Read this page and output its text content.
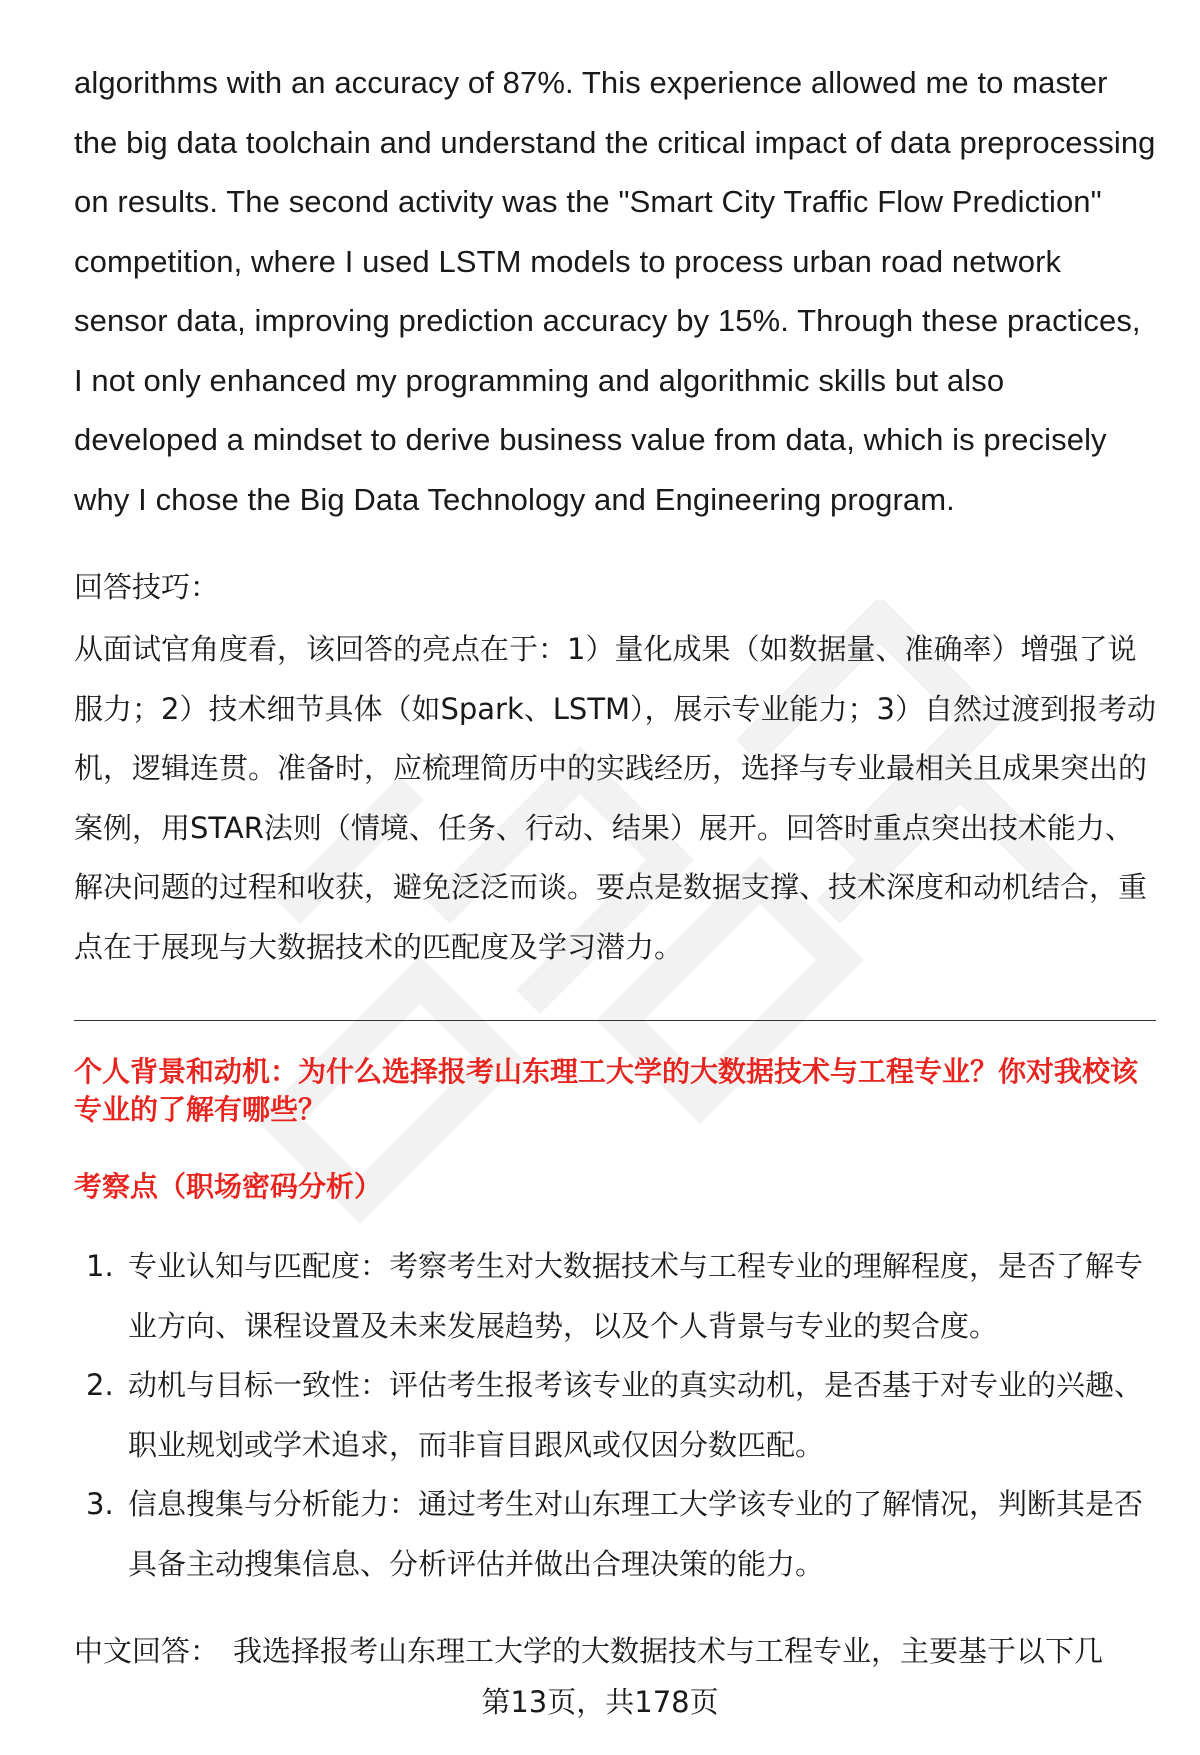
algorithms with an accuracy of 87%. This experience allowed me to master the big data toolchain and understand the critical impact of data preprocessing on results. The second activity was the "Smart City Traffic Flow Prediction" competition, where I used LSTM models to process urban road network sensor data, improving prediction accuracy by 15%. Through these practices, I not only enhanced my programming and algorithmic skills but also developed a mindset to derive business value from data, which is precisely why I chose the Big Data Technology and Engineering program.

回答技巧：

从面试官角度看，该回答的亮点在于：1）量化成果（如数据量、准确率）增强了说服力；2）技术细节具体（如Spark、LSTM），展示专业能力；3）自然过渡到报考动机，逻辑连贯。准备时，应梳理简历中的实践经历，选择与专业最相关且成果突出的案例，用STAR法则（情境、任务、行动、结果）展开。回答时重点突出技术能力、解决问题的过程和收获，避免泛泛而谈。要点是数据支撑、技术深度和动机结合，重点在于展现与大数据技术的匹配度及学习潜力。

个人背景和动机：为什么选择报考山东理工大学的大数据技术与工程专业？你对我校该专业的了解有哪些？

考察点（职场密码分析）

1. 专业认知与匹配度：考察考生对大数据技术与工程专业的理解程度，是否了解专业方向、课程设置及未来发展趋势，以及个人背景与专业的契合度。
2. 动机与目标一致性：评估考生报考该专业的真实动机，是否基于对专业的兴趣、职业规划或学术追求，而非盲目跟风或仅因分数匹配。
3. 信息搜集与分析能力：通过考生对山东理工大学该专业的了解情况，判断其是否具备主动搜集信息、分析评估并做出合理决策的能力。

中文回答： 我选择报考山东理工大学的大数据技术与工程专业，主要基于以下几

第13页，共178页
